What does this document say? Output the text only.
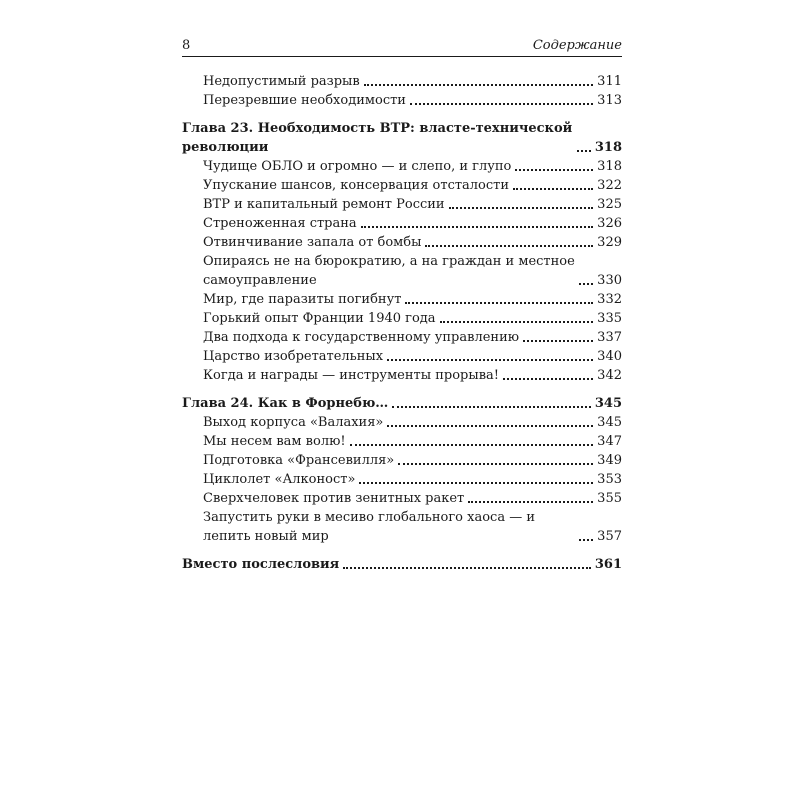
8	Содержание
Недопустимый разрыв	311
Перезревшие необходимости	313
Глава 23. Необходимость ВТР: власте-технической революции	318
Чудище ОБЛО и огромно — и слепо, и глупо	318
Упускание шансов, консервация отсталости	322
ВТР и капитальный ремонт России	325
Стреноженная страна	326
Отвинчивание запала от бомбы	329
Опираясь не на бюрократию, а на граждан и местное самоуправление	330
Мир, где паразиты погибнут	332
Горький опыт Франции 1940 года	335
Два подхода к государственному управлению	337
Царство изобретательных	340
Когда и награды — инструменты прорыва!	342
Глава 24. Как в Форнебю…	345
Выход корпуса «Валахия»	345
Мы несем вам волю!	347
Подготовка «Франсевилля»	349
Циклолет «Алконост»	353
Сверхчеловек против зенитных ракет	355
Запустить руки в месиво глобального хаоса — и лепить новый мир	357
Вместо послесловия	361
